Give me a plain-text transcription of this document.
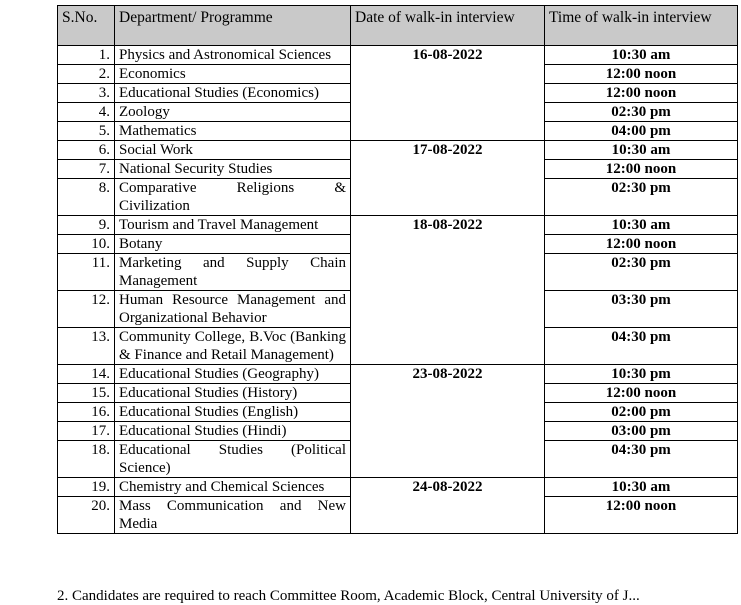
S.No.	Department/ Programme	Date of walk-in interview	Time of walk-in interview
1.	Physics and Astronomical Sciences	16-08-2022	10:30 am
2.	Economics		12:00 noon
3.	Educational Studies (Economics)		12:00 noon
4.	Zoology		02:30 pm
5.	Mathematics		04:00 pm
6.	Social Work	17-08-2022	10:30 am
7.	National Security Studies		12:00 noon
8.	Comparative Religions & Civilization		02:30 pm
9.	Tourism and Travel Management	18-08-2022	10:30 am
10.	Botany		12:00 noon
11.	Marketing and Supply Chain Management		02:30 pm
12.	Human Resource Management and Organizational Behavior		03:30 pm
13.	Community College, B.Voc (Banking & Finance and Retail Management)		04:30 pm
14.	Educational Studies (Geography)	23-08-2022	10:30 pm
15.	Educational Studies (History)		12:00 noon
16.	Educational Studies (English)		02:00 pm
17.	Educational Studies (Hindi)		03:00 pm
18.	Educational Studies (Political Science)		04:30 pm
19.	Chemistry and Chemical Sciences	24-08-2022	10:30 am
20.	Mass Communication and New Media		12:00 noon
2. Candidates are required to reach Committee Room, Academic Block, Central University of J...
